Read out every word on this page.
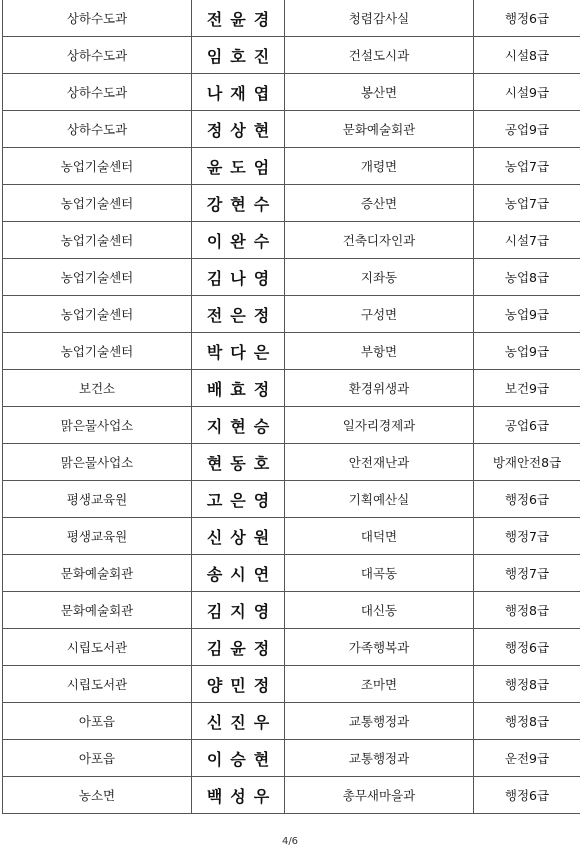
상하수도과	전윤경	청렴감사실	행정6급
상하수도과	임호진	건설도시과	시설8급
상하수도과	나재엽	봉산면	시설9급
상하수도과	정상현	문화예술회관	공업9급
농업기술센터	윤도엄	개령면	농업7급
농업기술센터	강현수	증산면	농업7급
농업기술센터	이완수	건축디자인과	시설7급
농업기술센터	김나영	지좌동	농업8급
농업기술센터	전은정	구성면	농업9급
농업기술센터	박다은	부항면	농업9급
보건소	배효정	환경위생과	보건9급
맑은물사업소	지현승	일자리경제과	공업6급
맑은물사업소	현동호	안전재난과	방재안전8급
평생교육원	고은영	기획예산실	행정6급
평생교육원	신상원	대덕면	행정7급
문화예술회관	송시연	대곡동	행정7급
문화예술회관	김지영	대신동	행정8급
시립도서관	김윤정	가족행복과	행정6급
시립도서관	양민정	조마면	행정8급
아포읍	신진우	교통행정과	행정8급
아포읍	이승현	교통행정과	운전9급
농소면	백성우	총무새마을과	행정6급
4/6
